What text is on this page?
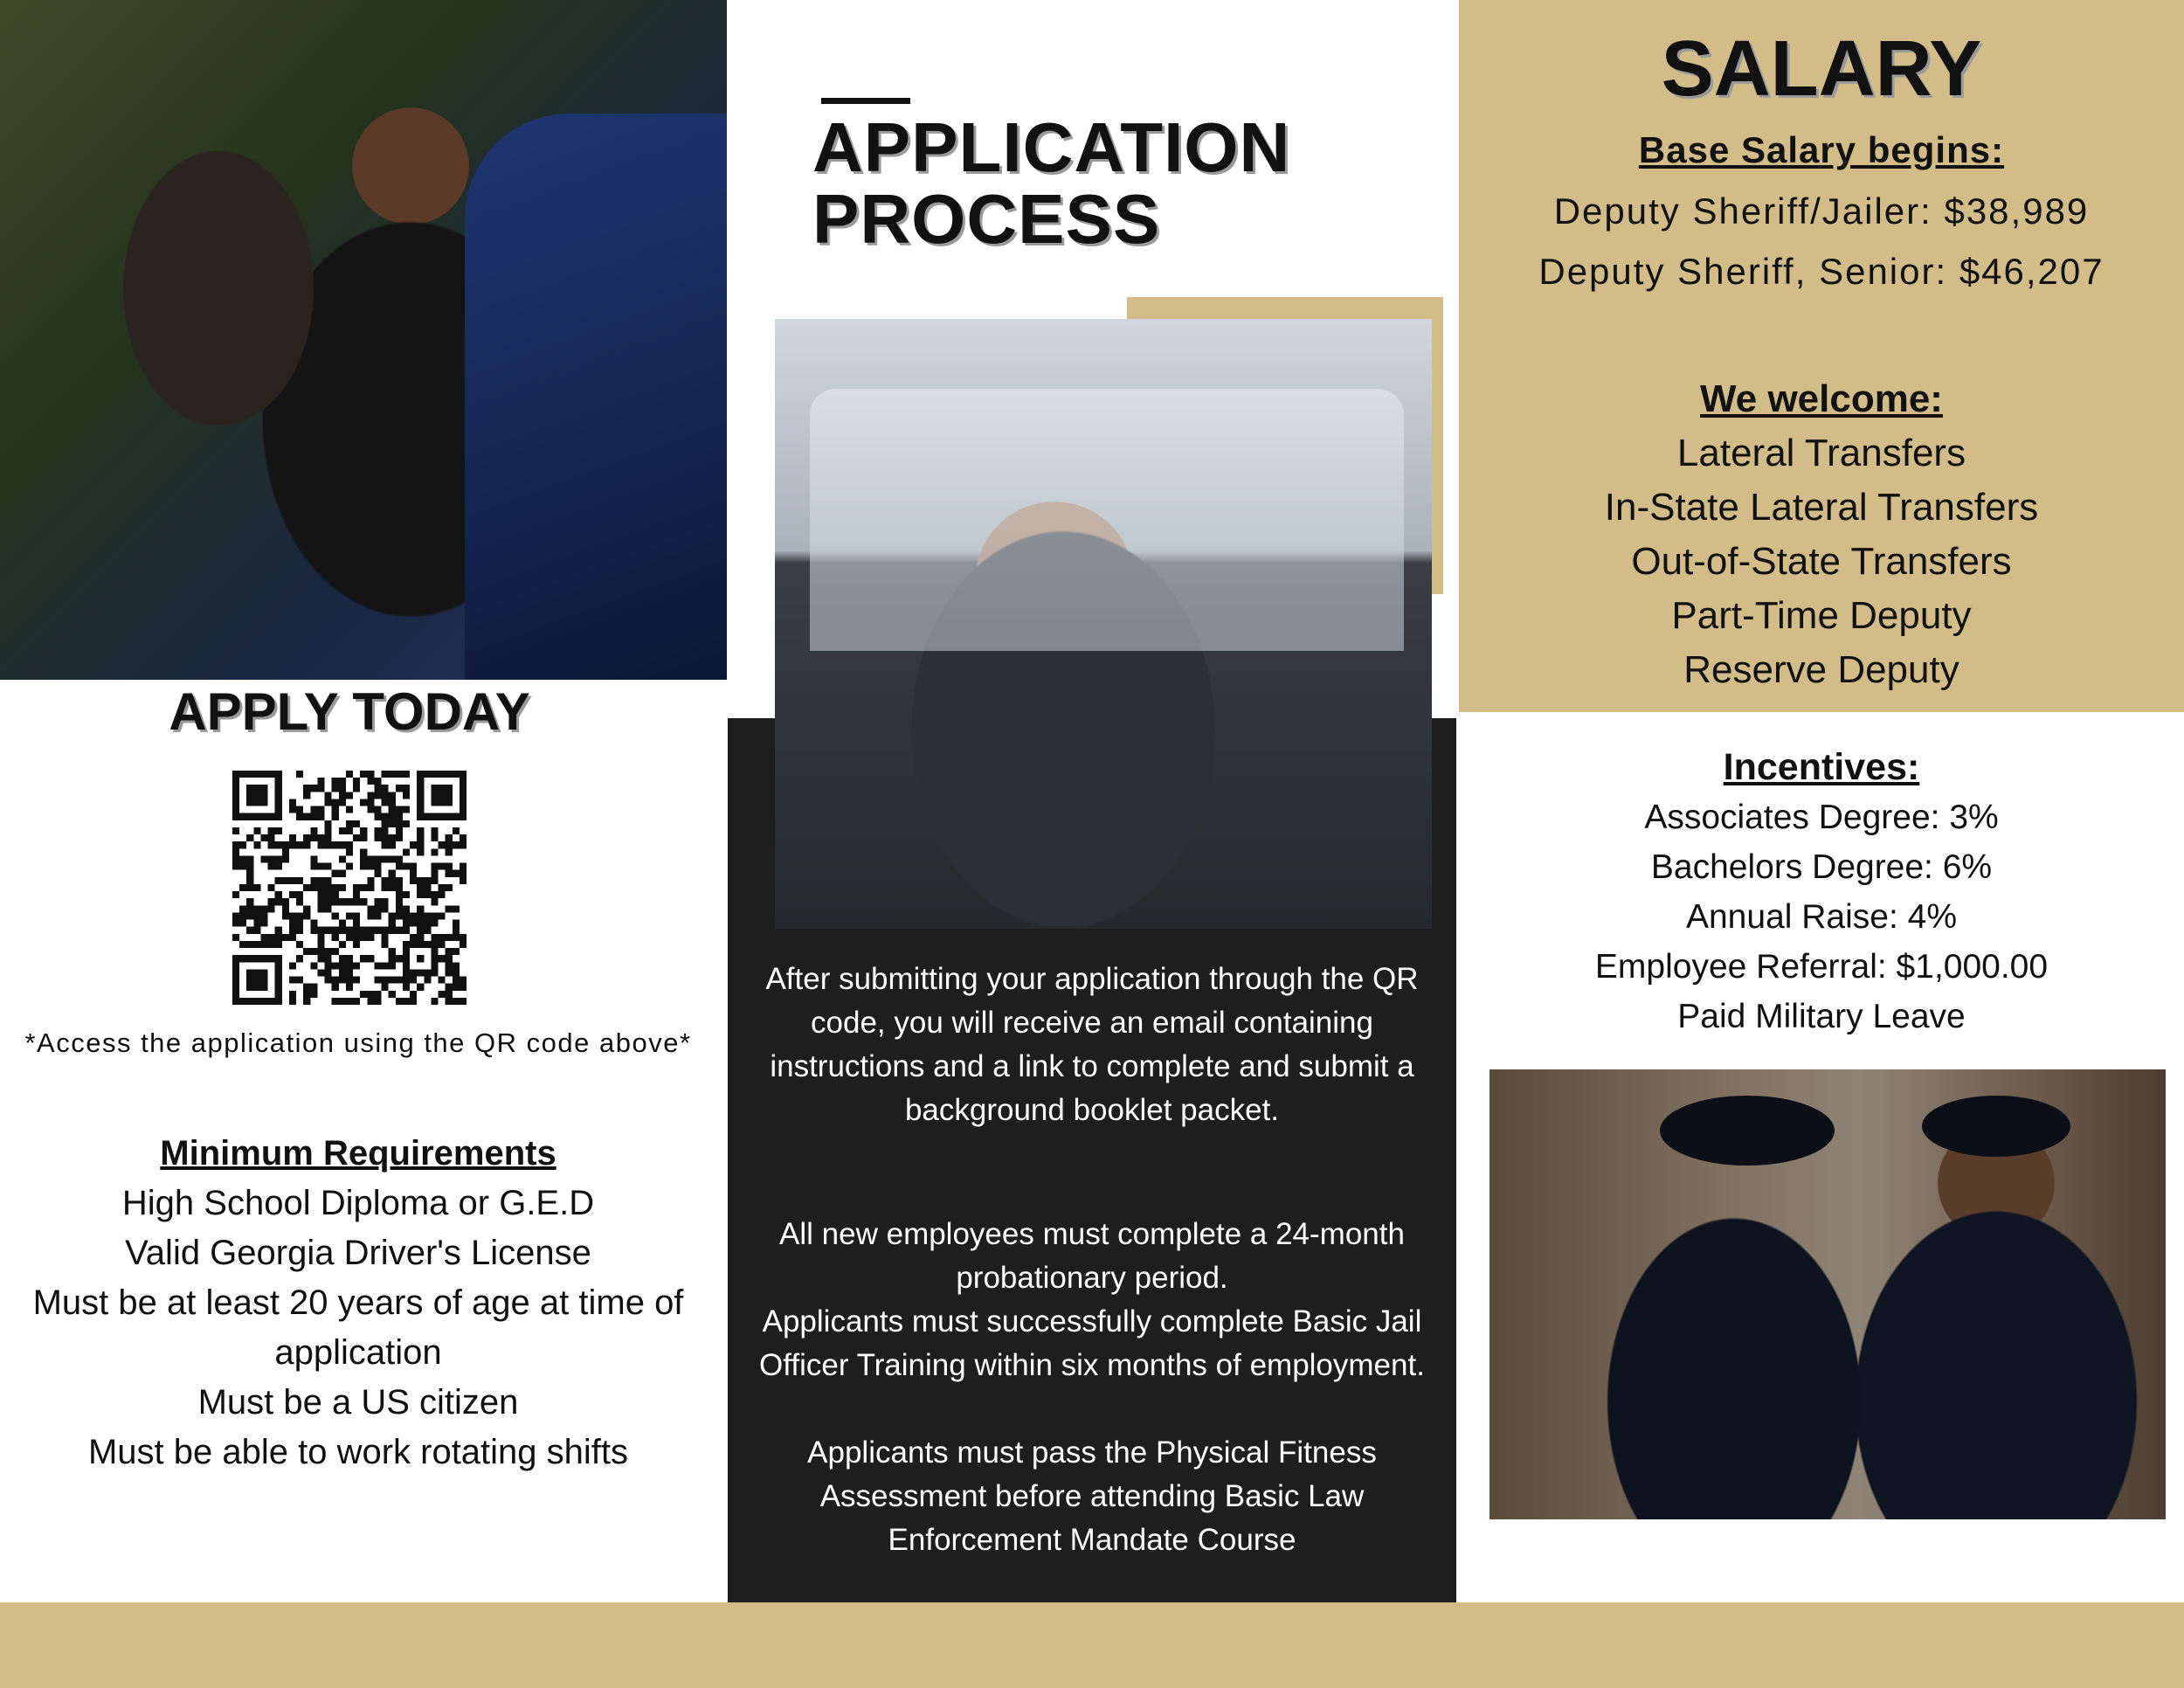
APPLICATION
PROCESS
APPLY TODAY
*Access the application using the QR code above*
Minimum Requirements
High School Diploma or G.E.D
Valid Georgia Driver's License
Must be at least 20 years of age at time of application
Must be a US citizen
Must be able to work rotating shifts
After submitting your application through the QR code, you will receive an email containing instructions and a link to complete and submit a background booklet packet.
All new employees must complete a 24-month probationary period.
Applicants must successfully complete Basic Jail Officer Training within six months of employment.
Applicants must pass the Physical Fitness Assessment before attending Basic Law Enforcement Mandate Course
SALARY
Base Salary begins:
Deputy Sheriff/Jailer: $38,989
Deputy Sheriff, Senior: $46,207
We welcome:
Lateral Transfers
In-State Lateral Transfers
Out-of-State Transfers
Part-Time Deputy
Reserve Deputy
Incentives:
Associates Degree: 3%
Bachelors Degree: 6%
Annual Raise: 4%
Employee Referral: $1,000.00
Paid Military Leave
